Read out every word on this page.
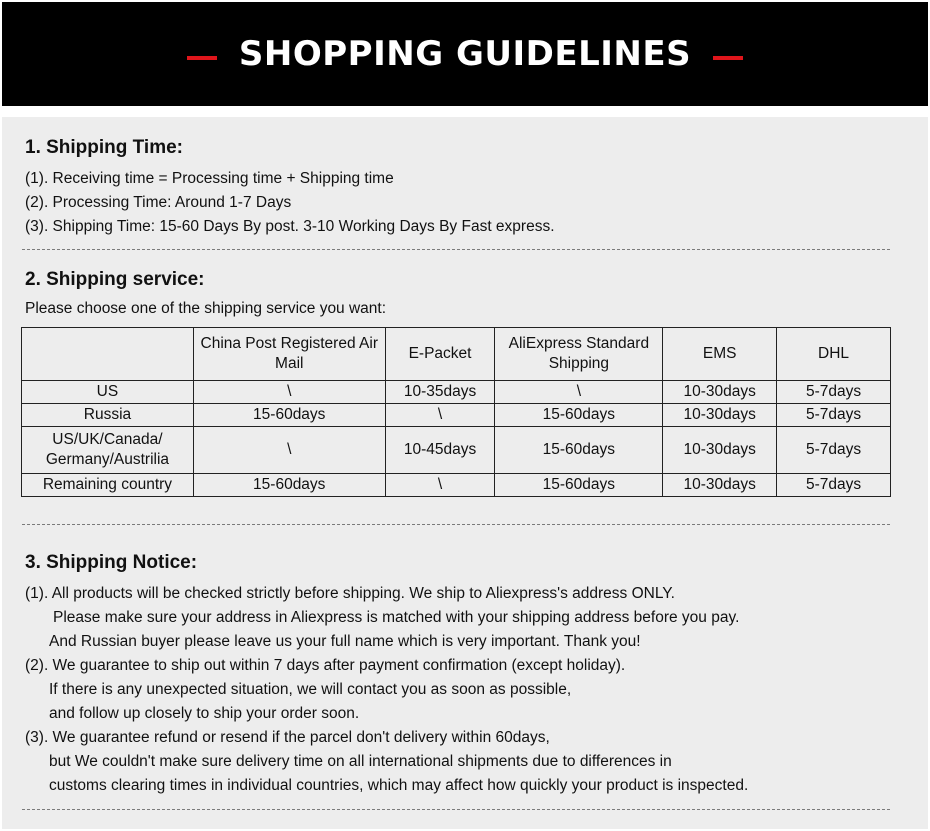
SHOPPING GUIDELINES
1. Shipping Time:

(1). Receiving time = Processing time + Shipping time

(2). Processing Time: Around 1-7 Days

(3). Shipping Time: 15-60 Days By post. 3-10 Working Days By Fast express.

2. Shipping service:

Please choose one of the shipping service you want:

	China Post Registered Air Mail	E-Packet	AliExpress Standard Shipping	EMS	DHL
US	\	10-35days	\	10-30days	5-7days
Russia	15-60days	\	15-60days	10-30days	5-7days
US/UK/Canada/ Germany/Austrilia	\	10-45days	15-60days	10-30days	5-7days
Remaining country	15-60days	\	15-60days	10-30days	5-7days
3. Shipping Notice:

(1). All products will be checked strictly before shipping. We ship to Aliexpress's address ONLY.

Please make sure your address in Aliexpress is matched with your shipping address before you pay.

And Russian buyer please leave us your full name which is very important. Thank you!

(2). We guarantee to ship out within 7 days after payment confirmation (except holiday).

If there is any unexpected situation, we will contact you as soon as possible,

and follow up closely to ship your order soon.

(3). We guarantee refund or resend if the parcel don't delivery within 60days,

but We couldn't make sure delivery time on all international shipments due to differences in

customs clearing times in individual countries, which may affect how quickly your product is inspected.
